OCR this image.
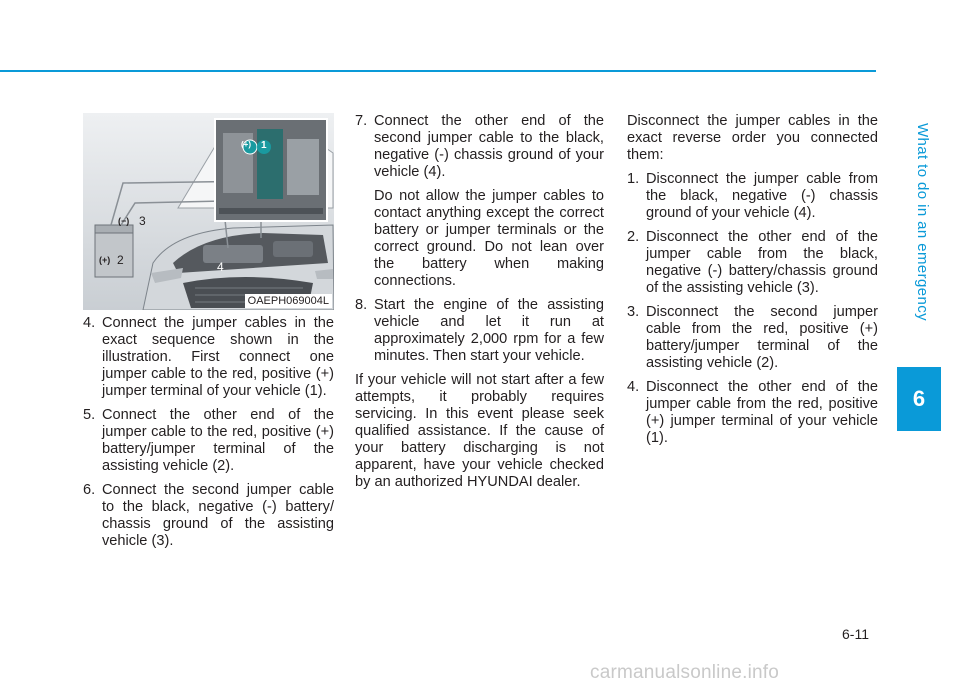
What to do in an emergency
6
(+) 1
(+) 2
(−) 3
4
OAEPH069004L
4. Connect the jumper cables in the exact sequence shown in the illustration. First connect one jumper cable to the red, positive (+) jumper terminal of your vehicle (1).
5. Connect the other end of the jumper cable to the red, positive (+) battery/jumper terminal of the assisting vehicle (2).
6. Connect the second jumper cable to the black, negative (-) battery/ chassis ground of the assisting vehicle (3).
7. Connect the other end of the second jumper cable to the black, negative (-) chassis ground of your vehicle (4).
Do not allow the jumper cables to contact anything except the correct battery or jumper terminals or the correct ground. Do not lean over the battery when making connections.
8. Start the engine of the assisting vehicle and let it run at approximately 2,000 rpm for a few minutes. Then start your vehicle.

If your vehicle will not start after a few attempts, it probably requires servicing. In this event please seek qualified assistance. If the cause of your battery discharging is not apparent, have your vehicle checked by an authorized HYUNDAI dealer.

Disconnect the jumper cables in the exact reverse order you connected them:

1. Disconnect the jumper cable from the black, negative (-) chassis ground of your vehicle (4).
2. Disconnect the other end of the jumper cable from the black, negative (-) battery/chassis ground of the assisting vehicle (3).
3. Disconnect the second jumper cable from the red, positive (+) battery/jumper terminal of the assisting vehicle (2).
4. Disconnect the other end of the jumper cable from the red, positive (+) jumper terminal of your vehicle (1).
6-11
carmanualsonline.info
